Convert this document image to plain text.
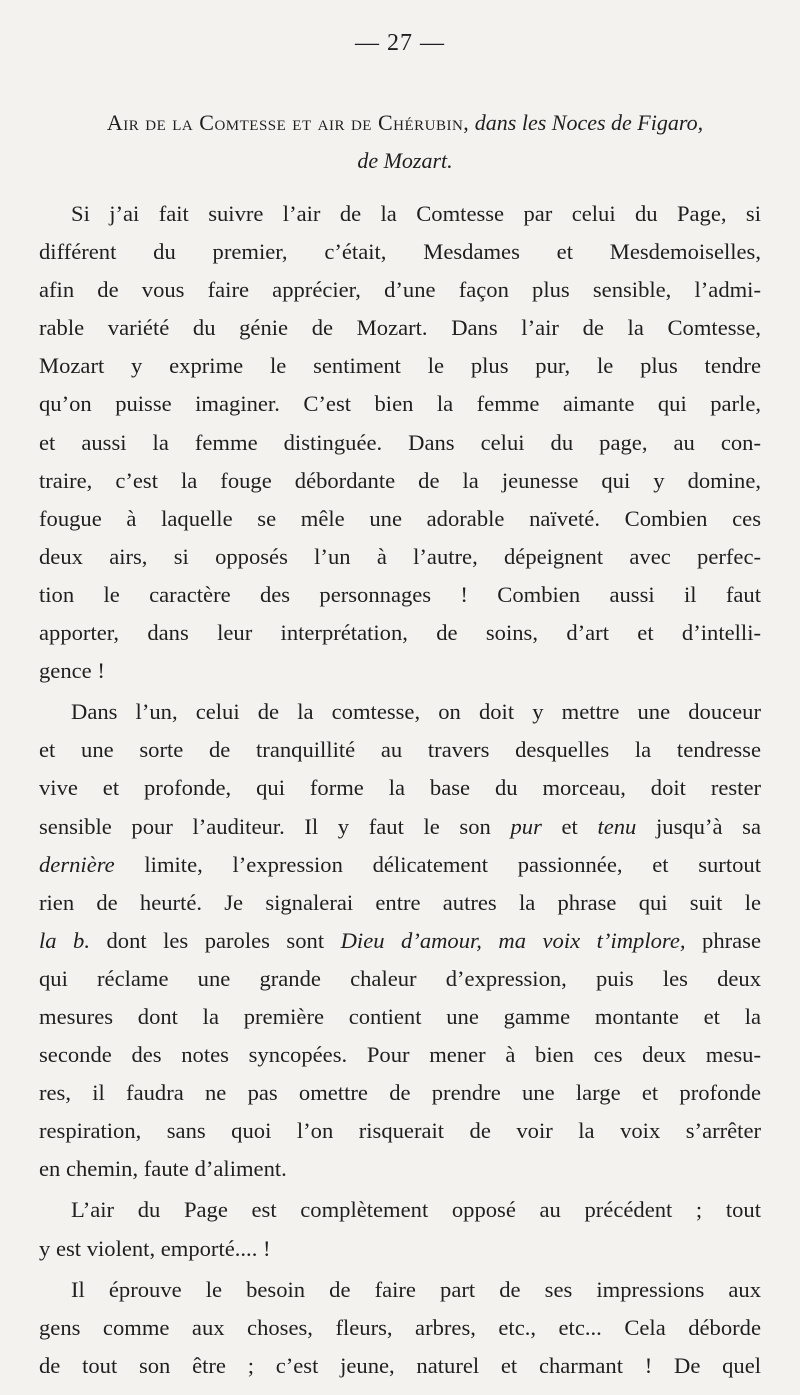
— 27 —
Air de la Comtesse et air de Chérubin, dans les Noces de Figaro,
de Mozart.

Si j’ai fait suivre l’air de la Comtesse par celui du Page, si
différent du premier, c’était, Mesdames et Mesdemoiselles,
afin de vous faire apprécier, d’une façon plus sensible, l’admi-
rable variété du génie de Mozart. Dans l’air de la Comtesse,
Mozart y exprime le sentiment le plus pur, le plus tendre
qu’on puisse imaginer. C’est bien la femme aimante qui parle,
et aussi la femme distinguée. Dans celui du page, au con-
traire, c’est la fouge débordante de la jeunesse qui y domine,
fougue à laquelle se mêle une adorable naïveté. Combien ces
deux airs, si opposés l’un à l’autre, dépeignent avec perfec-
tion le caractère des personnages ! Combien aussi il faut
apporter, dans leur interprétation, de soins, d’art et d’intelli-
gence !

Dans l’un, celui de la comtesse, on doit y mettre une douceur
et une sorte de tranquillité au travers desquelles la tendresse
vive et profonde, qui forme la base du morceau, doit rester
sensible pour l’auditeur. Il y faut le son pur et tenu jusqu’à sa
dernière limite, l’expression délicatement passionnée, et surtout
rien de heurté. Je signalerai entre autres la phrase qui suit le
la b. dont les paroles sont Dieu d’amour, ma voix t’implore, phrase
qui réclame une grande chaleur d’expression, puis les deux
mesures dont la première contient une gamme montante et la
seconde des notes syncopées. Pour mener à bien ces deux mesu-
res, il faudra ne pas omettre de prendre une large et profonde
respiration, sans quoi l’on risquerait de voir la voix s’arrêter
en chemin, faute d’aliment.

L’air du Page est complètement opposé au précédent ; tout
y est violent, emporté.... !

Il éprouve le besoin de faire part de ses impressions aux
gens comme aux choses, fleurs, arbres, etc., etc... Cela déborde
de tout son être ; c’est jeune, naturel et charmant ! De quel
